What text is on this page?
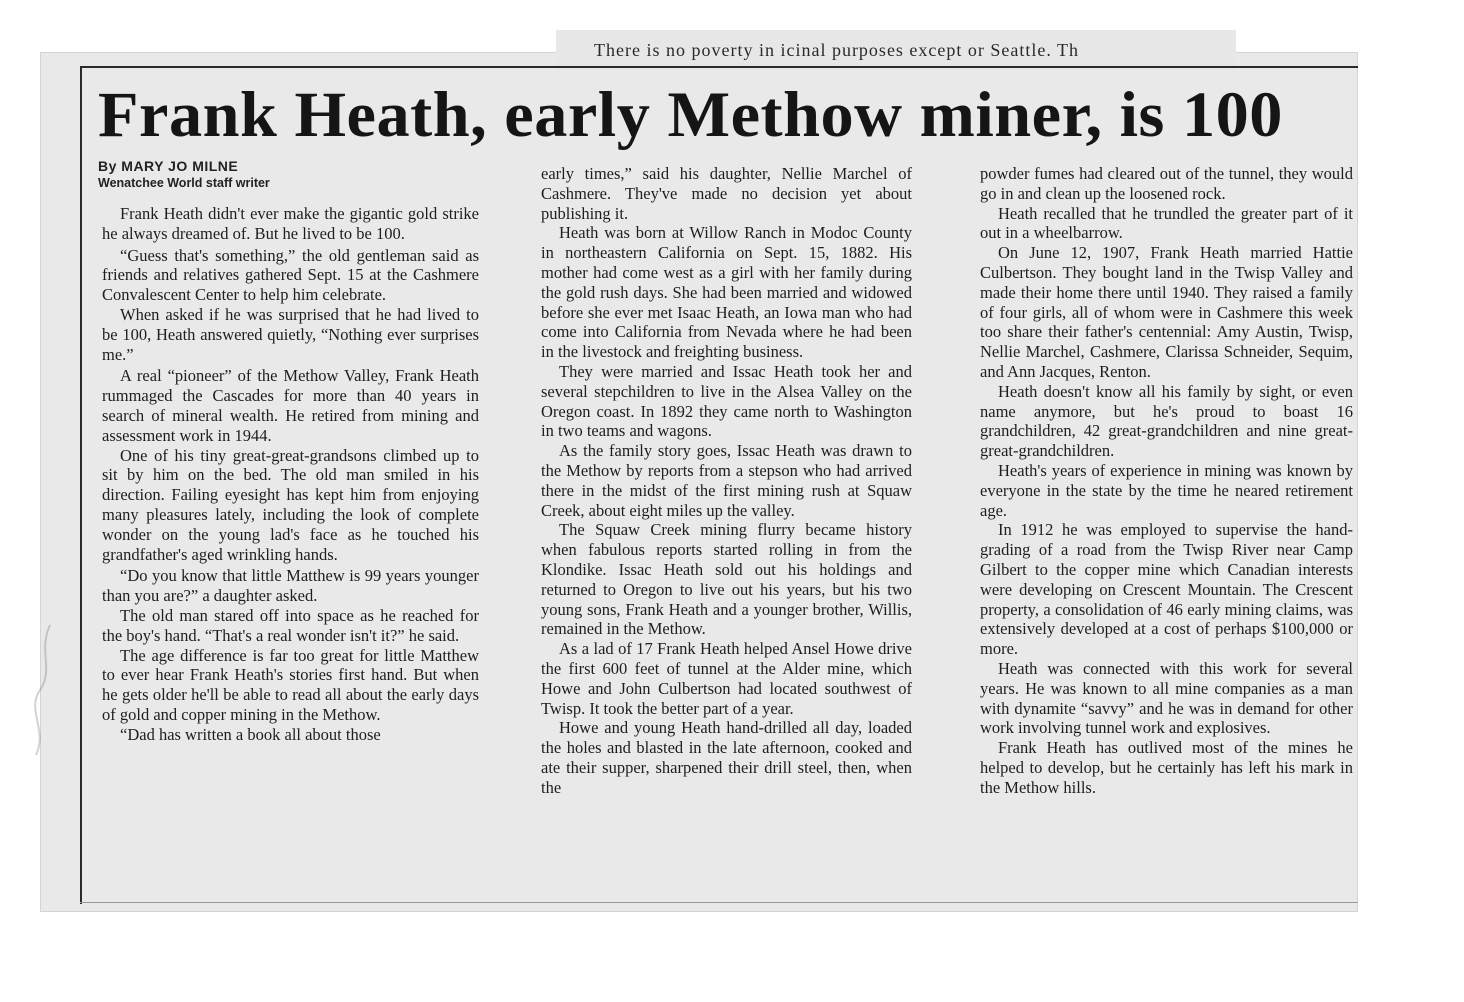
There is no poverty in icinal purposes except or Seattle. Th
Frank Heath, early Methow miner, is 100
By MARY JO MILNE
Wenatchee World staff writer

Frank Heath didn't ever make the gigantic gold strike he always dreamed of. But he lived to be 100.

“Guess that's something,” the old gentleman said as friends and relatives gathered Sept. 15 at the Cashmere Convalescent Center to help him celebrate.

When asked if he was surprised that he had lived to be 100, Heath answered quietly, “Nothing ever surprises me.”

A real “pioneer” of the Methow Valley, Frank Heath rummaged the Cascades for more than 40 years in search of mineral wealth. He retired from mining and assessment work in 1944.

One of his tiny great-great-grandsons climbed up to sit by him on the bed. The old man smiled in his direction. Failing eyesight has kept him from enjoying many pleasures lately, including the look of complete wonder on the young lad's face as he touched his grandfather's aged wrinkling hands.

“Do you know that little Matthew is 99 years younger than you are?” a daughter asked.

The old man stared off into space as he reached for the boy's hand. “That's a real wonder isn't it?” he said.

The age difference is far too great for little Matthew to ever hear Frank Heath's stories first hand. But when he gets older he'll be able to read all about the early days of gold and copper mining in the Methow.

“Dad has written a book all about those

early times,” said his daughter, Nellie Marchel of Cashmere. They've made no decision yet about publishing it.

Heath was born at Willow Ranch in Modoc County in northeastern California on Sept. 15, 1882. His mother had come west as a girl with her family during the gold rush days. She had been married and widowed before she ever met Isaac Heath, an Iowa man who had come into California from Nevada where he had been in the livestock and freighting business.

They were married and Issac Heath took her and several stepchildren to live in the Alsea Valley on the Oregon coast. In 1892 they came north to Washington in two teams and wagons.

As the family story goes, Issac Heath was drawn to the Methow by reports from a stepson who had arrived there in the midst of the first mining rush at Squaw Creek, about eight miles up the valley.

The Squaw Creek mining flurry became history when fabulous reports started rolling in from the Klondike. Issac Heath sold out his holdings and returned to Oregon to live out his years, but his two young sons, Frank Heath and a younger brother, Willis, remained in the Methow.

As a lad of 17 Frank Heath helped Ansel Howe drive the first 600 feet of tunnel at the Alder mine, which Howe and John Culbertson had located southwest of Twisp. It took the better part of a year.

Howe and young Heath hand-drilled all day, loaded the holes and blasted in the late afternoon, cooked and ate their supper, sharpened their drill steel, then, when the

powder fumes had cleared out of the tunnel, they would go in and clean up the loosened rock.

Heath recalled that he trundled the greater part of it out in a wheelbarrow.

On June 12, 1907, Frank Heath married Hattie Culbertson. They bought land in the Twisp Valley and made their home there until 1940. They raised a family of four girls, all of whom were in Cashmere this week too share their father's centennial: Amy Austin, Twisp, Nellie Marchel, Cashmere, Clarissa Schneider, Sequim, and Ann Jacques, Renton.

Heath doesn't know all his family by sight, or even name anymore, but he's proud to boast 16 grandchildren, 42 great-grandchildren and nine great-great-grandchildren.

Heath's years of experience in mining was known by everyone in the state by the time he neared retirement age.

In 1912 he was employed to supervise the hand-grading of a road from the Twisp River near Camp Gilbert to the copper mine which Canadian interests were developing on Crescent Mountain. The Crescent property, a consolidation of 46 early mining claims, was extensively developed at a cost of perhaps $100,000 or more.

Heath was connected with this work for several years. He was known to all mine companies as a man with dynamite “savvy” and he was in demand for other work involving tunnel work and explosives.

Frank Heath has outlived most of the mines he helped to develop, but he certainly has left his mark in the Methow hills.
